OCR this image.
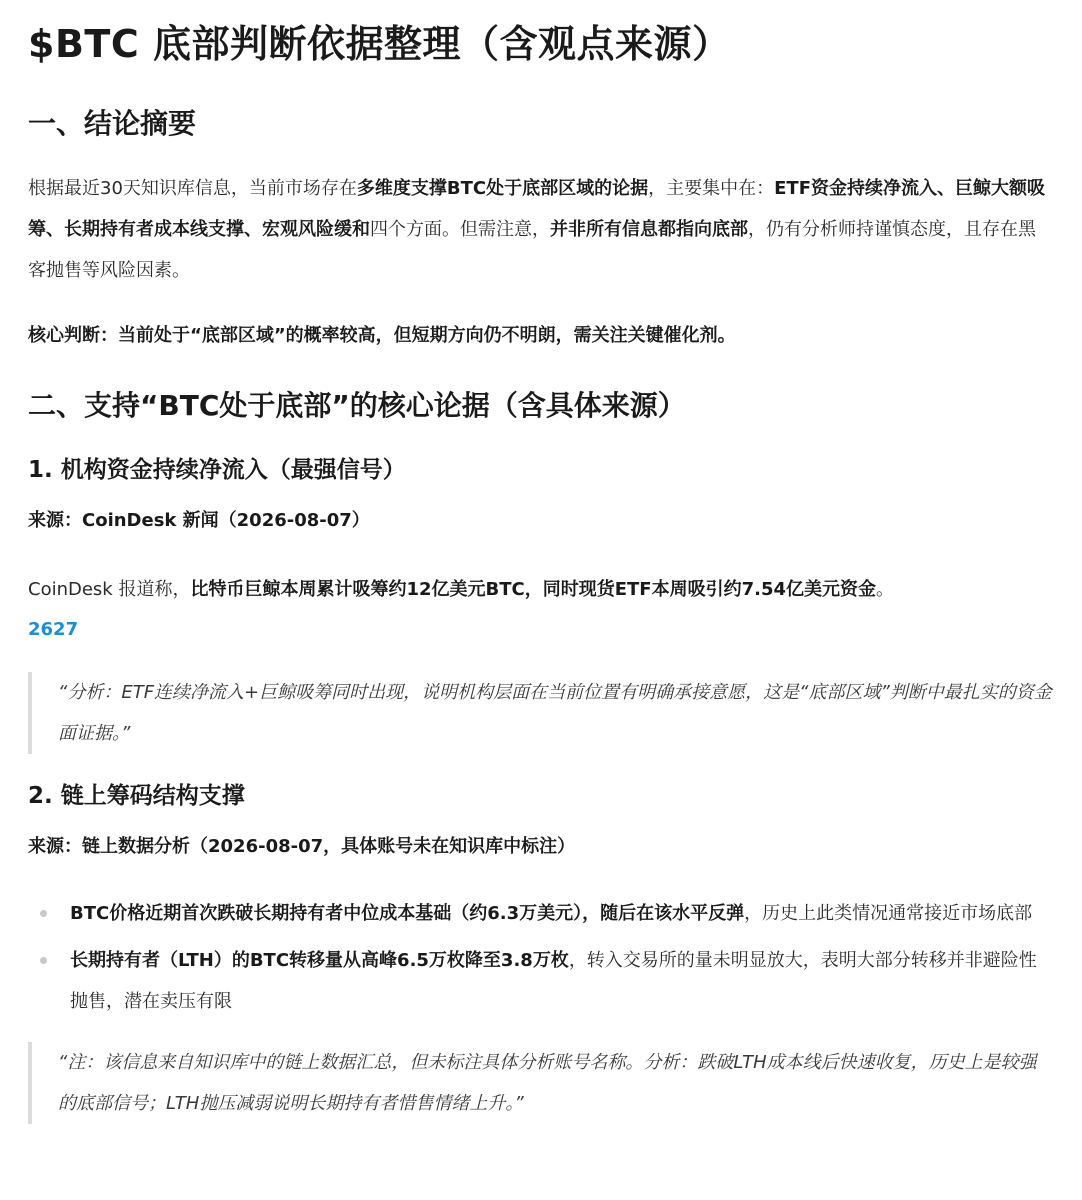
$BTC 底部判断依据整理（含观点来源）
一、结论摘要

根据最近30天知识库信息，当前市场存在多维度支撑BTC处于底部区域的论据，主要集中在：ETF资金持续净流入、巨鲸大额吸筹、长期持有者成本线支撑、宏观风险缓和四个方面。但需注意，并非所有信息都指向底部，仍有分析师持谨慎态度，且存在黑客抛售等风险因素。

核心判断：当前处于“底部区域”的概率较高，但短期方向仍不明朗，需关注关键催化剂。

二、支持“BTC处于底部”的核心论据（含具体来源）
1. 机构资金持续净流入（最强信号）

来源：CoinDesk 新闻（2026-08-07）

CoinDesk 报道称，比特币巨鲸本周累计吸筹约12亿美元BTC，同时现货ETF本周吸引约7.54亿美元资金。

2627

“分析：ETF连续净流入+巨鲸吸筹同时出现，说明机构层面在当前位置有明确承接意愿，这是“底部区域”判断中最扎实的资金面证据。”

2. 链上筹码结构支撑

来源：链上数据分析（2026-08-07，具体账号未在知识库中标注）

BTC价格近期首次跌破长期持有者中位成本基础（约6.3万美元），随后在该水平反弹，历史上此类情况通常接近市场底部
长期持有者（LTH）的BTC转移量从高峰6.5万枚降至3.8万枚，转入交易所的量未明显放大，表明大部分转移并非避险性抛售，潜在卖压有限

“注：该信息来自知识库中的链上数据汇总，但未标注具体分析账号名称。分析：跌破LTH成本线后快速收复，历史上是较强的底部信号；LTH抛压减弱说明长期持有者惜售情绪上升。”
